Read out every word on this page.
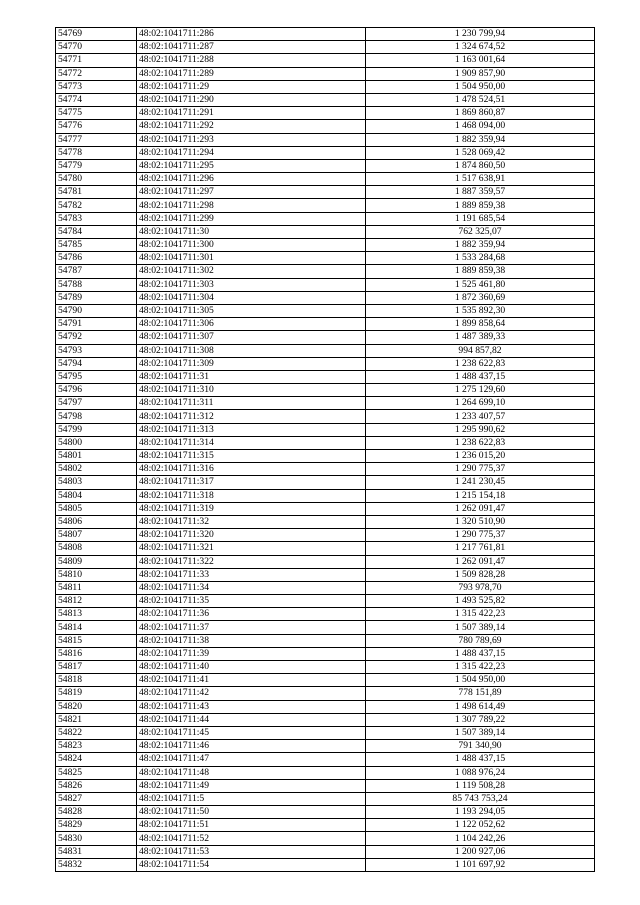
54769	48:02:1041711:286	1 230 799,94
54770	48:02:1041711:287	1 324 674,52
54771	48:02:1041711:288	1 163 001,64
54772	48:02:1041711:289	1 909 857,90
54773	48:02:1041711:29	1 504 950,00
54774	48:02:1041711:290	1 478 524,51
54775	48:02:1041711:291	1 869 860,87
54776	48:02:1041711:292	1 468 094,00
54777	48:02:1041711:293	1 882 359,94
54778	48:02:1041711:294	1 528 069,42
54779	48:02:1041711:295	1 874 860,50
54780	48:02:1041711:296	1 517 638,91
54781	48:02:1041711:297	1 887 359,57
54782	48:02:1041711:298	1 889 859,38
54783	48:02:1041711:299	1 191 685,54
54784	48:02:1041711:30	762 325,07
54785	48:02:1041711:300	1 882 359,94
54786	48:02:1041711:301	1 533 284,68
54787	48:02:1041711:302	1 889 859,38
54788	48:02:1041711:303	1 525 461,80
54789	48:02:1041711:304	1 872 360,69
54790	48:02:1041711:305	1 535 892,30
54791	48:02:1041711:306	1 899 858,64
54792	48:02:1041711:307	1 487 389,33
54793	48:02:1041711:308	994 857,82
54794	48:02:1041711:309	1 238 622,83
54795	48:02:1041711:31	1 488 437,15
54796	48:02:1041711:310	1 275 129,60
54797	48:02:1041711:311	1 264 699,10
54798	48:02:1041711:312	1 233 407,57
54799	48:02:1041711:313	1 295 990,62
54800	48:02:1041711:314	1 238 622,83
54801	48:02:1041711:315	1 236 015,20
54802	48:02:1041711:316	1 290 775,37
54803	48:02:1041711:317	1 241 230,45
54804	48:02:1041711:318	1 215 154,18
54805	48:02:1041711:319	1 262 091,47
54806	48:02:1041711:32	1 320 510,90
54807	48:02:1041711:320	1 290 775,37
54808	48:02:1041711:321	1 217 761,81
54809	48:02:1041711:322	1 262 091,47
54810	48:02:1041711:33	1 509 828,28
54811	48:02:1041711:34	793 978,70
54812	48:02:1041711:35	1 493 525,82
54813	48:02:1041711:36	1 315 422,23
54814	48:02:1041711:37	1 507 389,14
54815	48:02:1041711:38	780 789,69
54816	48:02:1041711:39	1 488 437,15
54817	48:02:1041711:40	1 315 422,23
54818	48:02:1041711:41	1 504 950,00
54819	48:02:1041711:42	778 151,89
54820	48:02:1041711:43	1 498 614,49
54821	48:02:1041711:44	1 307 789,22
54822	48:02:1041711:45	1 507 389,14
54823	48:02:1041711:46	791 340,90
54824	48:02:1041711:47	1 488 437,15
54825	48:02:1041711:48	1 088 976,24
54826	48:02:1041711:49	1 119 508,28
54827	48:02:1041711:5	85 743 753,24
54828	48:02:1041711:50	1 193 294,05
54829	48:02:1041711:51	1 122 052,62
54830	48:02:1041711:52	1 104 242,26
54831	48:02:1041711:53	1 200 927,06
54832	48:02:1041711:54	1 101 697,92
